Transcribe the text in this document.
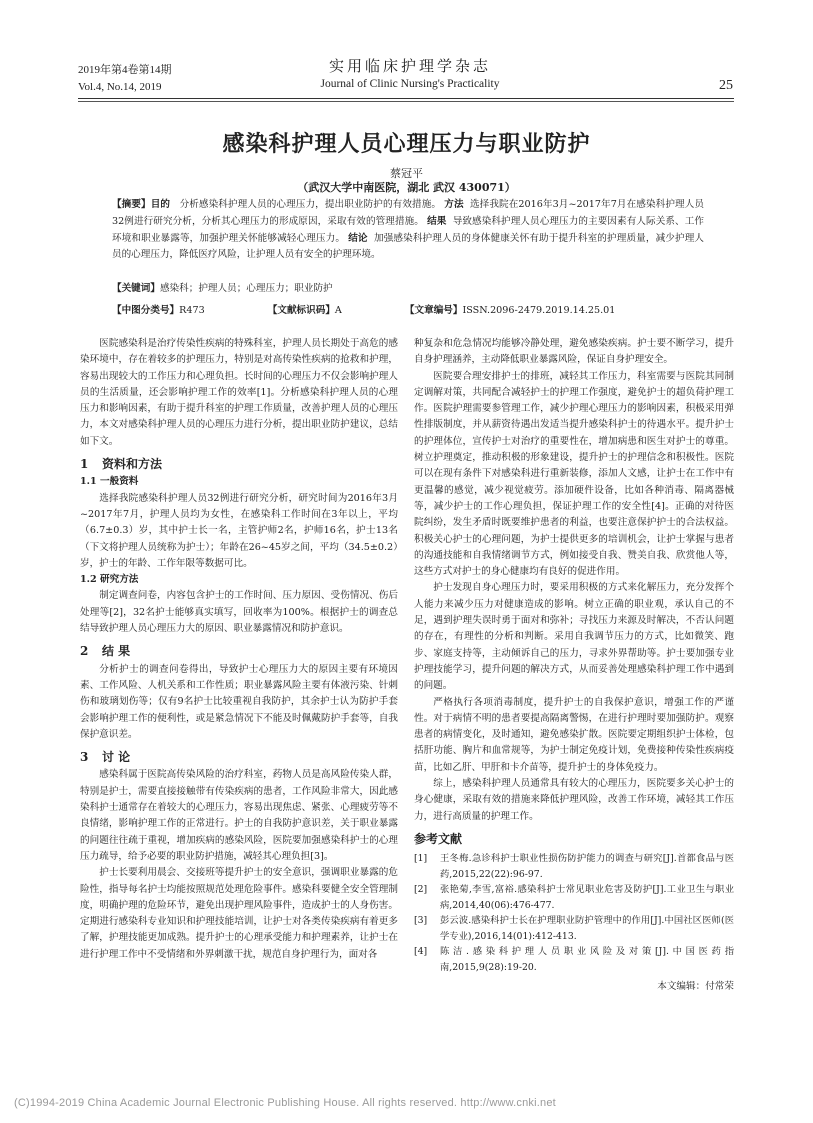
2019年第4卷第14期
Vol.4, No.14, 2019
实用临床护理学杂志
Journal of Clinic Nursing's Practicality	25
感染科护理人员心理压力与职业防护
蔡冠平
（武汉大学中南医院，湖北 武汉 430071）
【摘要】目的 分析感染科护理人员的心理压力，提出职业防护的有效措施。 方法 选择我院在2016年3月~2017年7月在感染科护理人员32例进行研究分析，分析其心理压力的形成原因，采取有效的管理措施。 结果 导致感染科护理人员心理压力的主要因素有人际关系、工作环境和职业暴露等，加强护理关怀能够减轻心理压力。 结论 加强感染科护理人员的身体健康关怀有助于提升科室的护理质量，减少护理人员的心理压力，降低医疗风险，让护理人员有安全的护理环境。
【关键词】感染科；护理人员；心理压力；职业防护
【中图分类号】R473	【文献标识码】A	【文章编号】ISSN.2096-2479.2019.14.25.01

医院感染科是治疗传染性疾病的特殊科室，护理人员长期处于高危的感染环境中，存在着较多的护理压力，特别是对高传染性疾病的抢救和护理，容易出现较大的工作压力和心理负担。长时间的心理压力不仅会影响护理人员的生活质量，还会影响护理工作的效率[1]。分析感染科护理人员的心理压力和影响因素，有助于提升科室的护理工作质量，改善护理人员的心理压力，本文对感染科护理人员的心理压力进行分析，提出职业防护建议，总结如下文。

1 资料和方法
1.1 一般资料

选择我院感染科护理人员32例进行研究分析，研究时间为2016年3月~2017年7月，护理人员均为女性，在感染科工作时间在3年以上，平均（6.7±0.3）岁，其中护士长一名，主管护师2名，护师16名，护士13名（下文将护理人员统称为护士）；年龄在26~45岁之间，平均（34.5±0.2）岁，护士的年龄、工作年限等数据可比。

1.2 研究方法

制定调查问卷，内容包含护士的工作时间、压力原因、受伤情况、伤后处理等[2]，32名护士能够真实填写，回收率为100%。根据护士的调查总结导致护理人员心理压力大的原因、职业暴露情况和防护意识。

2 结 果

分析护士的调查问卷得出，导致护士心理压力大的原因主要有环境因素、工作风险、人机关系和工作性质；职业暴露风险主要有体液污染、针刺伤和玻璃划伤等；仅有9名护士比较重视自我防护，其余护士认为防护手套会影响护理工作的便利性，或是紧急情况下不能及时佩戴防护手套等，自我保护意识差。

3 讨 论

感染科属于医院高传染风险的治疗科室，药物人员是高风险传染人群，特别是护士，需要直接接触带有传染疾病的患者，工作风险非常大，因此感染科护士通常存在着较大的心理压力，容易出现焦虑、紧张、心理疲劳等不良情绪，影响护理工作的正常进行。护士的自我防护意识差，关于职业暴露的问题往往疏于重视，增加疾病的感染风险，医院要加强感染科护士的心理压力疏导，给予必要的职业防护措施，减轻其心理负担[3]。

护士长要利用晨会、交接班等提升护士的安全意识，强调职业暴露的危险性，指导每名护士均能按照规范处理危险事件。感染科要健全安全管理制度，明确护理的危险环节，避免出现护理风险事件，造成护士的人身伤害。定期进行感染科专业知识和护理技能培训，让护士对各类传染疾病有着更多了解，护理技能更加成熟。提升护士的心理承受能力和护理素养，让护士在进行护理工作中不受情绪和外界刺激干扰，规范自身护理行为，面对各

种复杂和危急情况均能够冷静处理，避免感染疾病。护士要不断学习，提升自身护理涵养，主动降低职业暴露风险，保证自身护理安全。

医院要合理安排护士的排班，减轻其工作压力，科室需要与医院其同制定调解对策，共同配合减轻护士的护理工作强度，避免护士的超负荷护理工作。医院护理需要参管理工作，减少护理心理压力的影响因素，积极采用弹性排版制度，并从薪资待遇出发适当提升感染科护士的待遇水平。提升护士的护理体位，宣传护士对治疗的重要性在，增加病患和医生对护士的尊重。树立护理奠定，推动积极的形象建设，提升护士的护理信念和积极性。医院可以在现有条件下对感染科进行重新装修，添加人文感，让护士在工作中有更温馨的感觉，减少视觉疲劳。添加硬件设备，比如各种消毒、隔离器械等，减少护士的工作心理负担，保证护理工作的安全性[4]。正确的对待医院纠纷，发生矛盾时既要维护患者的利益，也要注意保护护士的合法权益。积极关心护士的心理问题，为护士提供更多的培训机会，让护士掌握与患者的沟通技能和自我情绪调节方式，例如接受自我、赞美自我、欣赏他人等，这些方式对护士的身心健康均有良好的促进作用。

护士发现自身心理压力时，要采用积极的方式来化解压力，充分发挥个人能力来减少压力对健康造成的影响。树立正确的职业观，承认自己的不足，遇到护理失误时勇于面对和弥补；寻找压力来源及时解决，不否认问题的存在，有理性的分析和判断。采用自我调节压力的方式，比如微笑、跑步、家庭支持等，主动倾诉自己的压力，寻求外界帮助等。护士要加强专业护理技能学习，提升问题的解决方式，从而妥善处理感染科护理工作中遇到的问题。

严格执行各项消毒制度，提升护士的自我保护意识，增强工作的严谨性。对于病情不明的患者要提高隔离警惕，在进行护理时要加强防护。观察患者的病情变化，及时通知，避免感染扩散。医院要定期组织护士体检，包括肝功能、胸片和血常规等，为护士制定免疫计划，免费接种传染性疾病疫苗，比如乙肝、甲肝和卡介苗等，提升护士的身体免疫力。

综上，感染科护理人员通常具有较大的心理压力，医院要多关心护士的身心健康，采取有效的措施来降低护理风险，改善工作环境，减轻其工作压力，进行高质量的护理工作。

参考文献
[1]	王冬梅.急诊科护士职业性损伤防护能力的调查与研究[J].首都食品与医药,2015,22(22):96-97.
[2]	张艳菊,李雪,富裕.感染科护士常见职业危害及防护[J].工业卫生与职业病,2014,40(06):476-477.
[3]	彭云波.感染科护士长在护理职业防护管理中的作用[J].中国社区医师(医学专业),2016,14(01):412-413.
[4]	陈洁.感染科护理人员职业风险及对策[J].中国医药指南,2015,9(28):19-20.
本文编辑：付常荣
(C)1994-2019 China Academic Journal Electronic Publishing House. All rights reserved. http://www.cnki.net
